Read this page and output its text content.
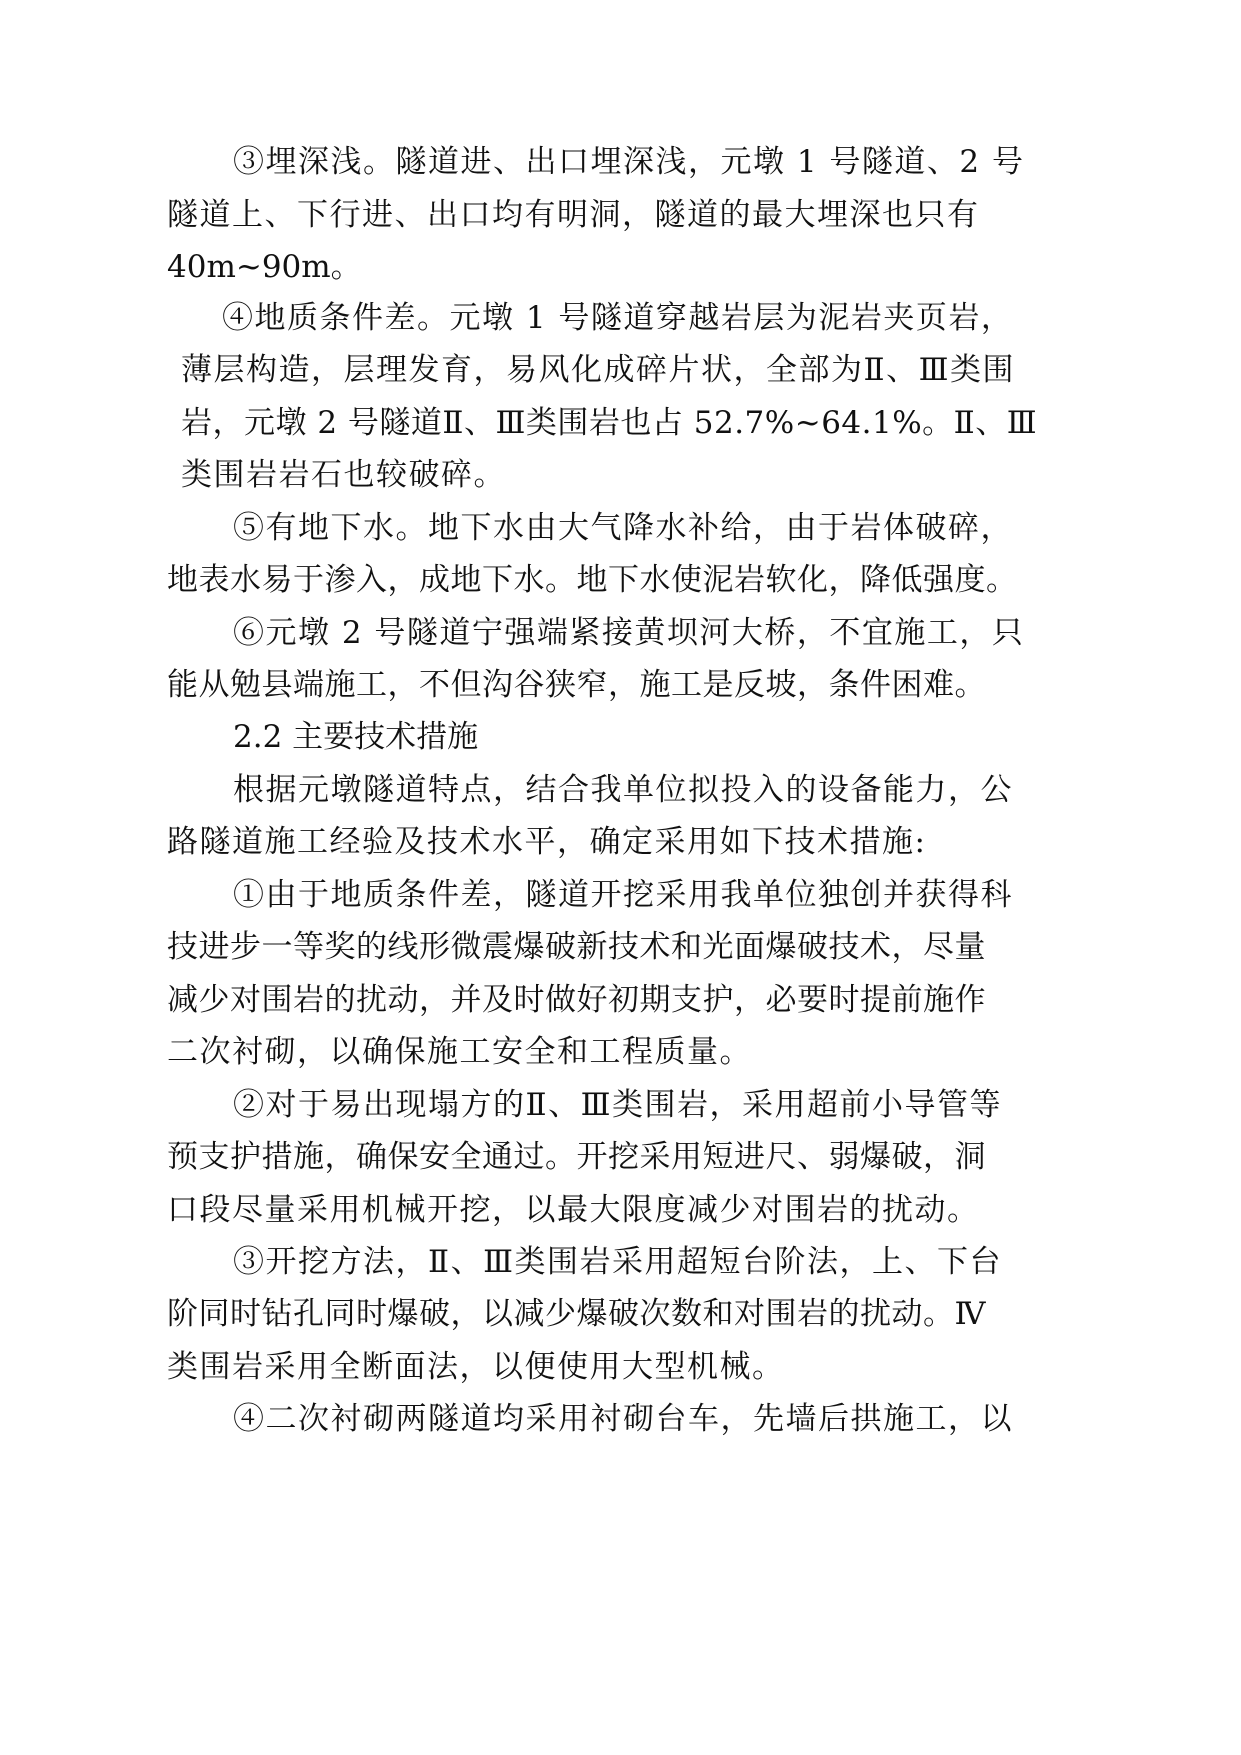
③埋深浅。隧道进、出口埋深浅，元墩 1 号隧道、2 号
隧道上、下行进、出口均有明洞，隧道的最大埋深也只有
40m~90m。
④地质条件差。元墩 1 号隧道穿越岩层为泥岩夹页岩，
薄层构造，层理发育，易风化成碎片状，全部为Ⅱ、Ⅲ类围
岩，元墩 2 号隧道Ⅱ、Ⅲ类围岩也占 52.7%~64.1%。Ⅱ、Ⅲ
类围岩岩石也较破碎。
⑤有地下水。地下水由大气降水补给，由于岩体破碎，
地表水易于渗入，成地下水。地下水使泥岩软化，降低强度。
⑥元墩 2 号隧道宁强端紧接黄坝河大桥，不宜施工，只
能从勉县端施工，不但沟谷狭窄，施工是反坡，条件困难。
2.2 主要技术措施
根据元墩隧道特点，结合我单位拟投入的设备能力，公
路隧道施工经验及技术水平，确定采用如下技术措施:
①由于地质条件差，隧道开挖采用我单位独创并获得科
技进步一等奖的线形微震爆破新技术和光面爆破技术，尽量
减少对围岩的扰动，并及时做好初期支护，必要时提前施作
二次衬砌，以确保施工安全和工程质量。
②对于易出现塌方的Ⅱ、Ⅲ类围岩，采用超前小导管等
预支护措施，确保安全通过。开挖采用短进尺、弱爆破，洞
口段尽量采用机械开挖，以最大限度减少对围岩的扰动。
③开挖方法，Ⅱ、Ⅲ类围岩采用超短台阶法，上、下台
阶同时钻孔同时爆破，以减少爆破次数和对围岩的扰动。Ⅳ
类围岩采用全断面法，以便使用大型机械。
④二次衬砌两隧道均采用衬砌台车，先墙后拱施工，以
